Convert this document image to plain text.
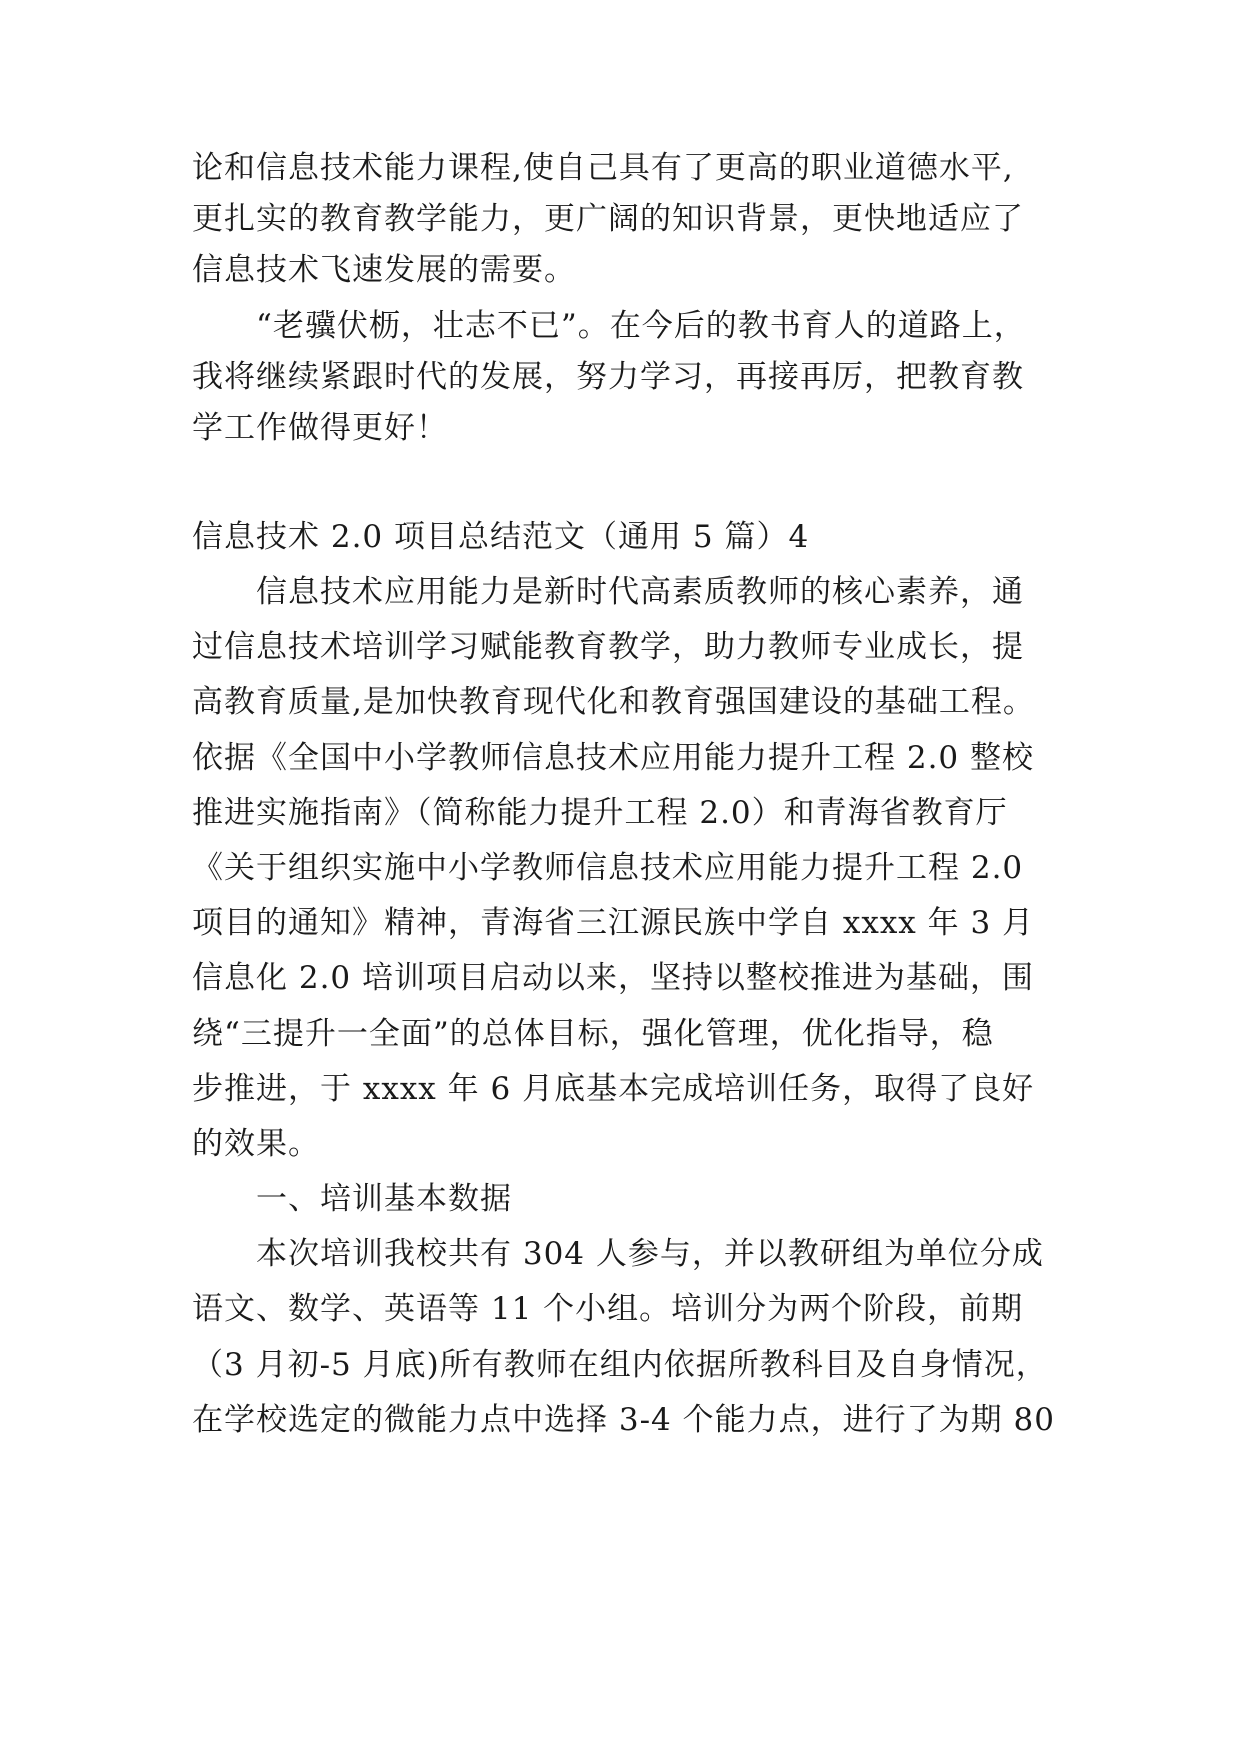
论和信息技术能力课程,使自己具有了更高的职业道德水平,

更扎实的教育教学能力，更广阔的知识背景，更快地适应了

信息技术飞速发展的需要。

“老骥伏枥，壮志不已”。在今后的教书育人的道路上，

我将继续紧跟时代的发展，努力学习，再接再厉，把教育教

学工作做得更好！

信息技术 2.0 项目总结范文（通用 5 篇）4

信息技术应用能力是新时代高素质教师的核心素养，通

过信息技术培训学习赋能教育教学，助力教师专业成长，提

高教育质量,是加快教育现代化和教育强国建设的基础工程。

依据《全国中小学教师信息技术应用能力提升工程 2.0 整校

推进实施指南》（简称能力提升工程 2.0）和青海省教育厅

《关于组织实施中小学教师信息技术应用能力提升工程 2.0

项目的通知》精神，青海省三江源民族中学自 xxxx 年 3 月

信息化 2.0 培训项目启动以来，坚持以整校推进为基础，围

绕“三提升一全面”的总体目标，强化管理，优化指导，稳

步推进，于 xxxx 年 6 月底基本完成培训任务，取得了良好

的效果。

一、培训基本数据

本次培训我校共有 304 人参与，并以教研组为单位分成

语文、数学、英语等 11 个小组。培训分为两个阶段，前期

（3 月初-5 月底)所有教师在组内依据所教科目及自身情况，

在学校选定的微能力点中选择 3-4 个能力点，进行了为期 80
